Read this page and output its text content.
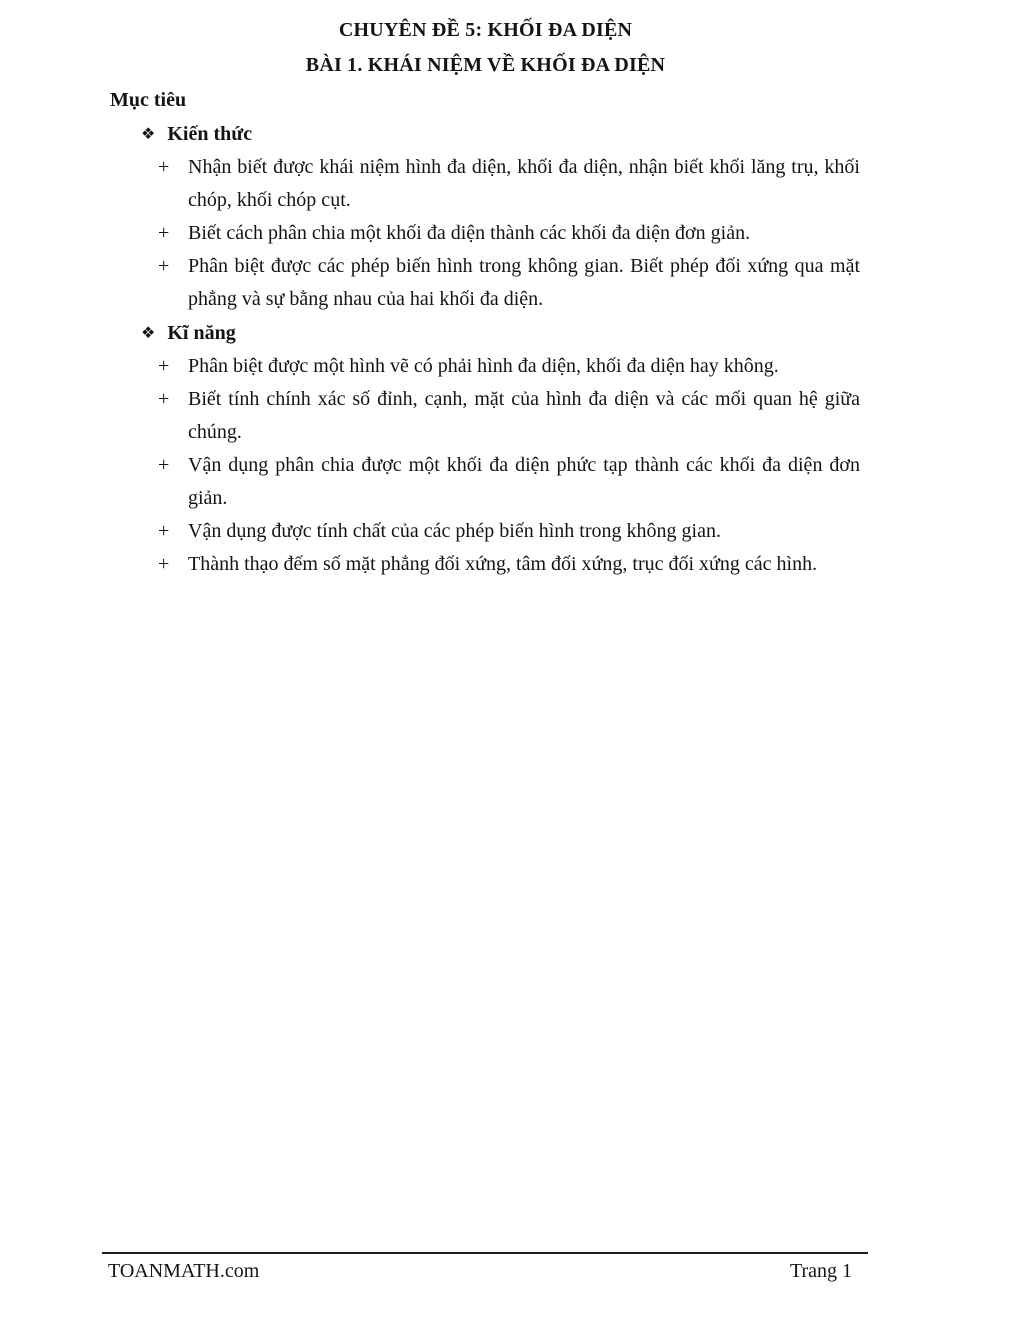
CHUYÊN ĐỀ 5: KHỐI ĐA DIỆN
BÀI 1. KHÁI NIỆM VỀ KHỐI ĐA DIỆN
Mục tiêu
❖ Kiến thức
+ Nhận biết được khái niệm hình đa diện, khối đa diện, nhận biết khối lăng trụ, khối chóp, khối chóp cụt.
+ Biết cách phân chia một khối đa diện thành các khối đa diện đơn giản.
+ Phân biệt được các phép biến hình trong không gian. Biết phép đối xứng qua mặt phẳng và sự bằng nhau của hai khối đa diện.
❖ Kĩ năng
+ Phân biệt được một hình vẽ có phải hình đa diện, khối đa diện hay không.
+ Biết tính chính xác số đỉnh, cạnh, mặt của hình đa diện và các mối quan hệ giữa chúng.
+ Vận dụng phân chia được một khối đa diện phức tạp thành các khối đa diện đơn giản.
+ Vận dụng được tính chất của các phép biến hình trong không gian.
+ Thành thạo đếm số mặt phẳng đối xứng, tâm đối xứng, trục đối xứng các hình.
TOANMATH.com	Trang 1
